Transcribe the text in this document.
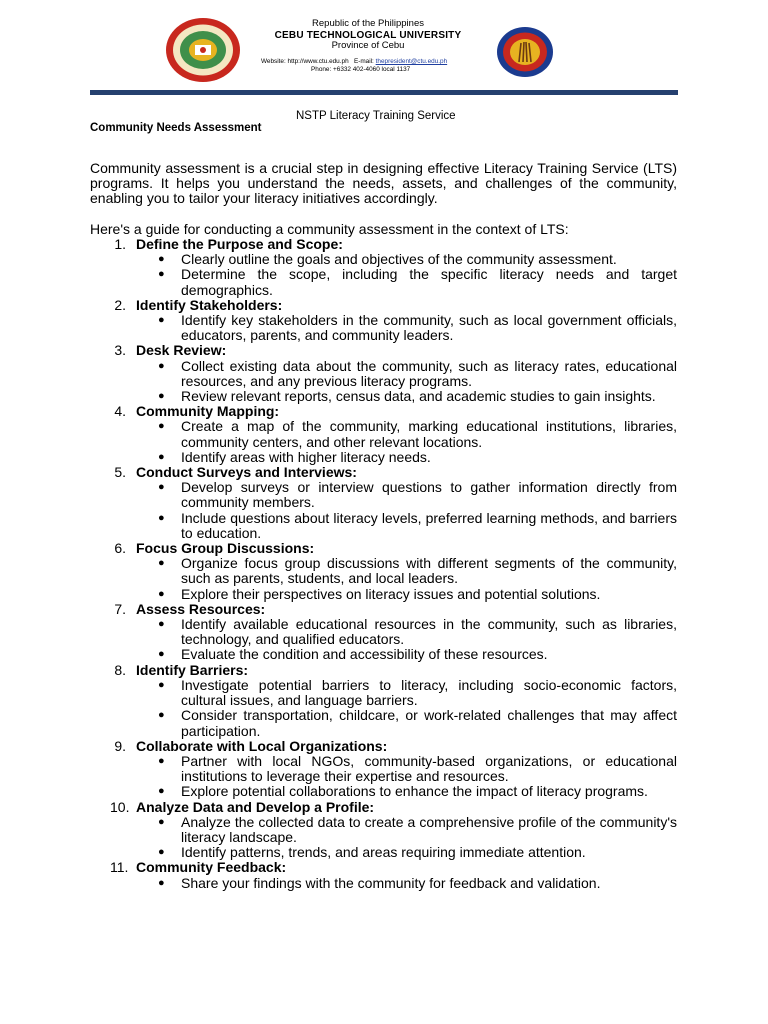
Republic of the Philippines
CEBU TECHNOLOGICAL UNIVERSITY
Province of Cebu
Website: http://www.ctu.edu.ph E-mail: thepresident@ctu.edu.ph
Phone: +6332 402-4060 local 1137
NSTP Literacy Training Service
Community Needs Assessment

Community assessment is a crucial step in designing effective Literacy Training Service (LTS) programs. It helps you understand the needs, assets, and challenges of the community, enabling you to tailor your literacy initiatives accordingly.

Here's a guide for conducting a community assessment in the context of LTS:

1. Define the Purpose and Scope:
● Clearly outline the goals and objectives of the community assessment.
● Determine the scope, including the specific literacy needs and target demographics.
2. Identify Stakeholders:
● Identify key stakeholders in the community, such as local government officials, educators, parents, and community leaders.
3. Desk Review:
● Collect existing data about the community, such as literacy rates, educational resources, and any previous literacy programs.
● Review relevant reports, census data, and academic studies to gain insights.
4. Community Mapping:
● Create a map of the community, marking educational institutions, libraries, community centers, and other relevant locations.
● Identify areas with higher literacy needs.
5. Conduct Surveys and Interviews:
● Develop surveys or interview questions to gather information directly from community members.
● Include questions about literacy levels, preferred learning methods, and barriers to education.
6. Focus Group Discussions:
● Organize focus group discussions with different segments of the community, such as parents, students, and local leaders.
● Explore their perspectives on literacy issues and potential solutions.
7. Assess Resources:
● Identify available educational resources in the community, such as libraries, technology, and qualified educators.
● Evaluate the condition and accessibility of these resources.
8. Identify Barriers:
● Investigate potential barriers to literacy, including socio-economic factors, cultural issues, and language barriers.
● Consider transportation, childcare, or work-related challenges that may affect participation.
9. Collaborate with Local Organizations:
● Partner with local NGOs, community-based organizations, or educational institutions to leverage their expertise and resources.
● Explore potential collaborations to enhance the impact of literacy programs.
10. Analyze Data and Develop a Profile:
● Analyze the collected data to create a comprehensive profile of the community's literacy landscape.
● Identify patterns, trends, and areas requiring immediate attention.
11. Community Feedback:
● Share your findings with the community for feedback and validation.
